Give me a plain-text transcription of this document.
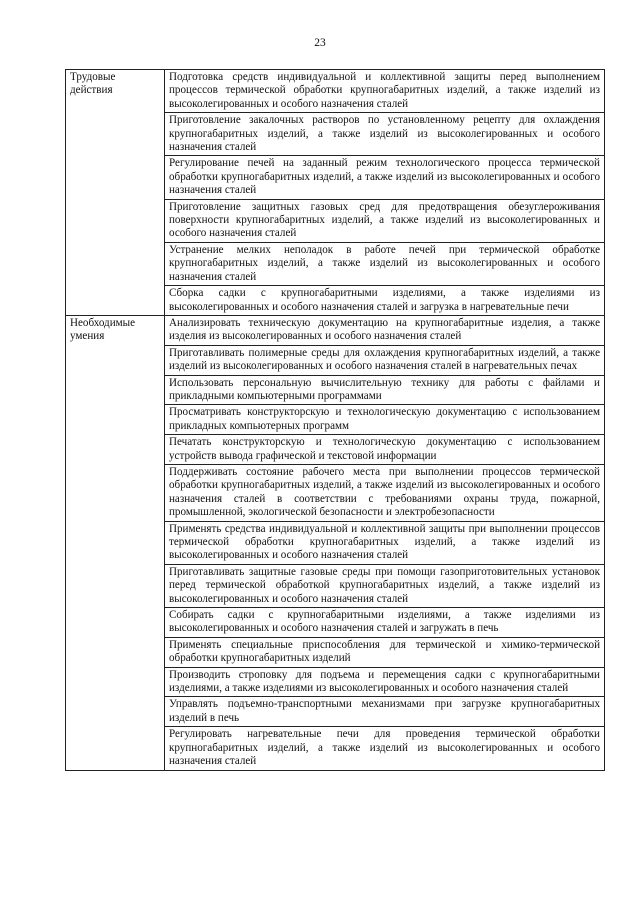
23
Трудовые действия	Подготовка средств индивидуальной и коллективной защиты перед выполнением процессов термической обработки крупногабаритных изделий, а также изделий из высоколегированных и особого назначения сталей
	Приготовление закалочных растворов по установленному рецепту для охлаждения крупногабаритных изделий, а также изделий из высоколегированных и особого назначения сталей
	Регулирование печей на заданный режим технологического процесса термической обработки крупногабаритных изделий, а также изделий из высоколегированных и особого назначения сталей
	Приготовление защитных газовых сред для предотвращения обезуглероживания поверхности крупногабаритных изделий, а также изделий из высоколегированных и особого назначения сталей
	Устранение мелких неполадок в работе печей при термической обработке крупногабаритных изделий, а также изделий из высоколегированных и особого назначения сталей
	Сборка садки с крупногабаритными изделиями, а также изделиями из высоколегированных и особого назначения сталей и загрузка в нагревательные печи
Необходимые умения	Анализировать техническую документацию на крупногабаритные изделия, а также изделия из высоколегированных и особого назначения сталей
	Приготавливать полимерные среды для охлаждения крупногабаритных изделий, а также изделий из высоколегированных и особого назначения сталей в нагревательных печах
	Использовать персональную вычислительную технику для работы с файлами и прикладными компьютерными программами
	Просматривать конструкторскую и технологическую документацию с использованием прикладных компьютерных программ
	Печатать конструкторскую и технологическую документацию с использованием устройств вывода графической и текстовой информации
	Поддерживать состояние рабочего места при выполнении процессов термической обработки крупногабаритных изделий, а также изделий из высоколегированных и особого назначения сталей в соответствии с требованиями охраны труда, пожарной, промышленной, экологической безопасности и электробезопасности
	Применять средства индивидуальной и коллективной защиты при выполнении процессов термической обработки крупногабаритных изделий, а также изделий из высоколегированных и особого назначения сталей
	Приготавливать защитные газовые среды при помощи газоприготовительных установок перед термической обработкой крупногабаритных изделий, а также изделий из высоколегированных и особого назначения сталей
	Собирать садки с крупногабаритными изделиями, а также изделиями из высоколегированных и особого назначения сталей и загружать в печь
	Применять специальные приспособления для термической и химико-термической обработки крупногабаритных изделий
	Производить строповку для подъема и перемещения садки с крупногабаритными изделиями, а также изделиями из высоколегированных и особого назначения сталей
	Управлять подъемно-транспортными механизмами при загрузке крупногабаритных изделий в печь
	Регулировать нагревательные печи для проведения термической обработки крупногабаритных изделий, а также изделий из высоколегированных и особого назначения сталей
